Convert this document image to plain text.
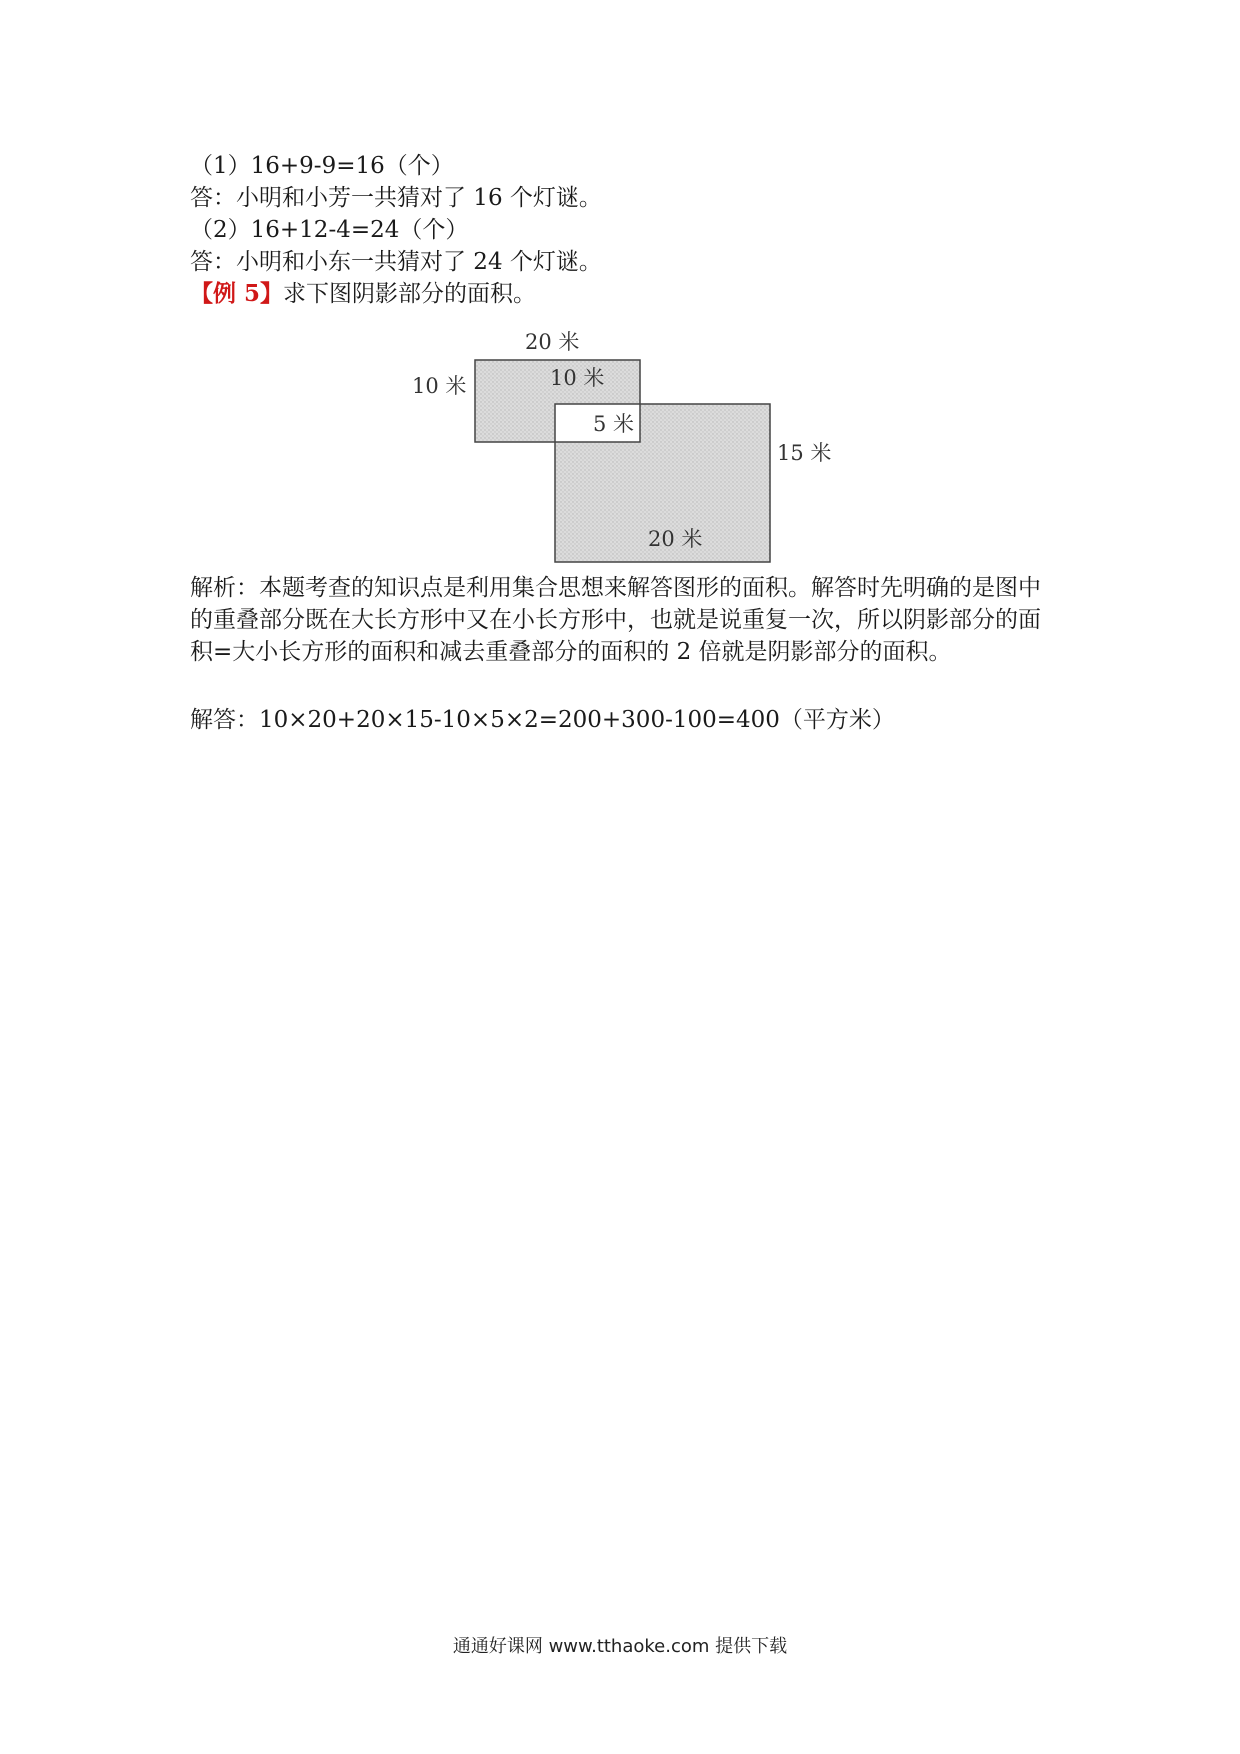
（1）16+9-9=16（个）
答：小明和小芳一共猜对了 16 个灯谜。
（2）16+12-4=24（个）
答：小明和小东一共猜对了 24 个灯谜。
【例 5】求下图阴影部分的面积。
20 米
10 米	10 米
5 米
15 米
20 米
解析：本题考查的知识点是利用集合思想来解答图形的面积。解答时先明确的是图中的重叠部分既在大长方形中又在小长方形中，也就是说重复一次，所以阴影部分的面积=大小长方形的面积和减去重叠部分的面积的 2 倍就是阴影部分的面积。
解答：10×20+20×15-10×5×2=200+300-100=400（平方米）
通通好课网 www.tthaoke.com 提供下载
